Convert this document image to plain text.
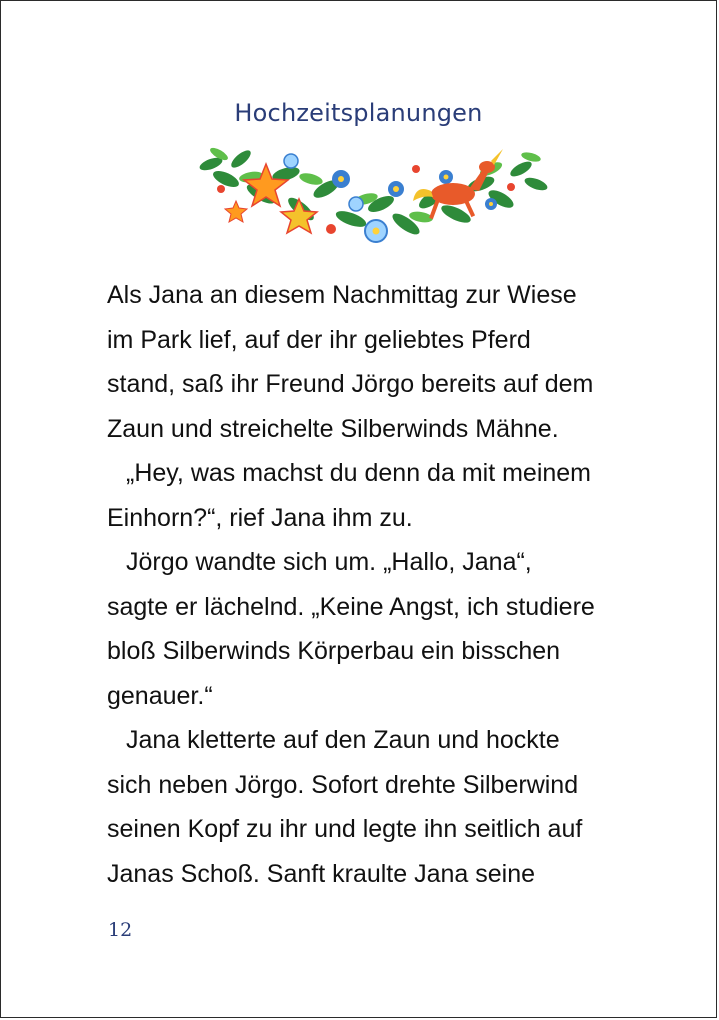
Hochzeitsplanungen
Als Jana an diesem Nachmittag zur Wiese
im Park lief, auf der ihr geliebtes Pferd
stand, saß ihr Freund Jörgo bereits auf dem
Zaun und streichelte Silberwinds Mähne.
„Hey, was machst du denn da mit meinem
Einhorn?“, rief Jana ihm zu.
Jörgo wandte sich um. „Hallo, Jana“,
sagte er lächelnd. „Keine Angst, ich studiere
bloß Silberwinds Körperbau ein bisschen
genauer.“
Jana kletterte auf den Zaun und hockte
sich neben Jörgo. Sofort drehte Silberwind
seinen Kopf zu ihr und legte ihn seitlich auf
Janas Schoß. Sanft kraulte Jana seine
12
